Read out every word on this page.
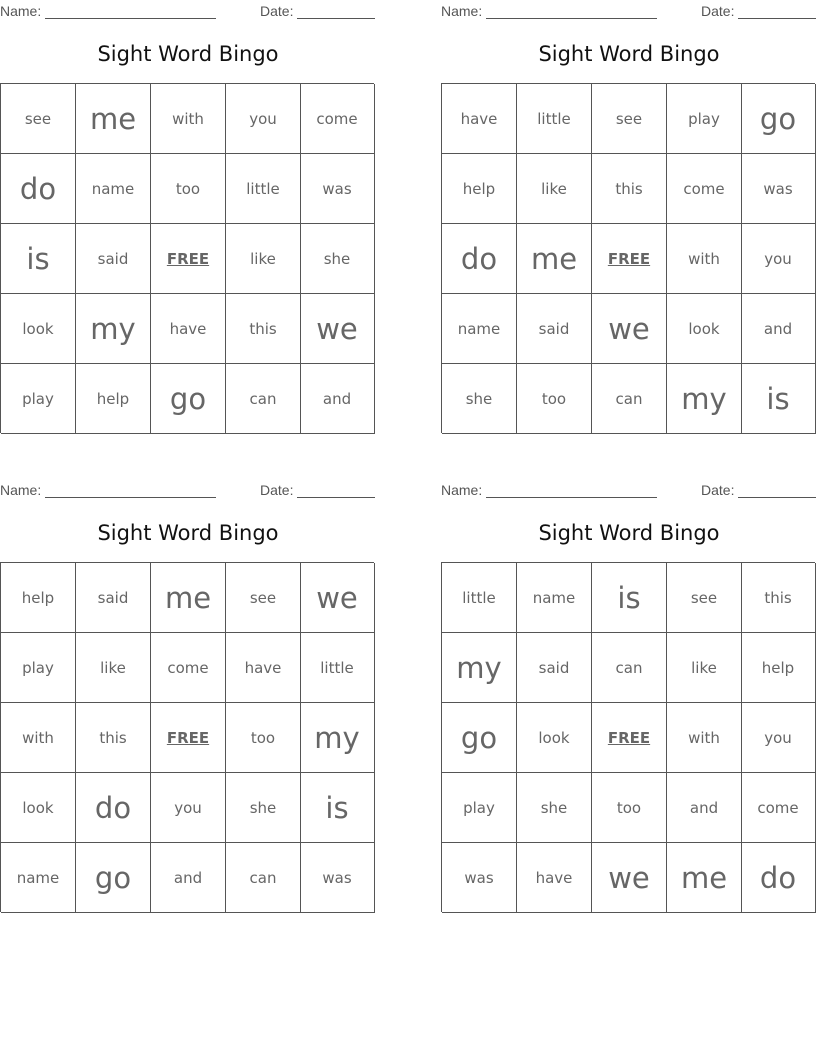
Name:	Date:
Sight Word Bingo
see	me	with	you	come
do	name	too	little	was
is	said	FREE	like	she
look	my	have	this	we
play	help	go	can	and
Name:	Date:
Sight Word Bingo
have	little	see	play	go
help	like	this	come	was
do	me	FREE	with	you
name	said	we	look	and
she	too	can	my	is
Name:	Date:
Sight Word Bingo
help	said	me	see	we
play	like	come	have	little
with	this	FREE	too	my
look	do	you	she	is
name	go	and	can	was
Name:	Date:
Sight Word Bingo
little	name	is	see	this
my	said	can	like	help
go	look	FREE	with	you
play	she	too	and	come
was	have	we	me	do
